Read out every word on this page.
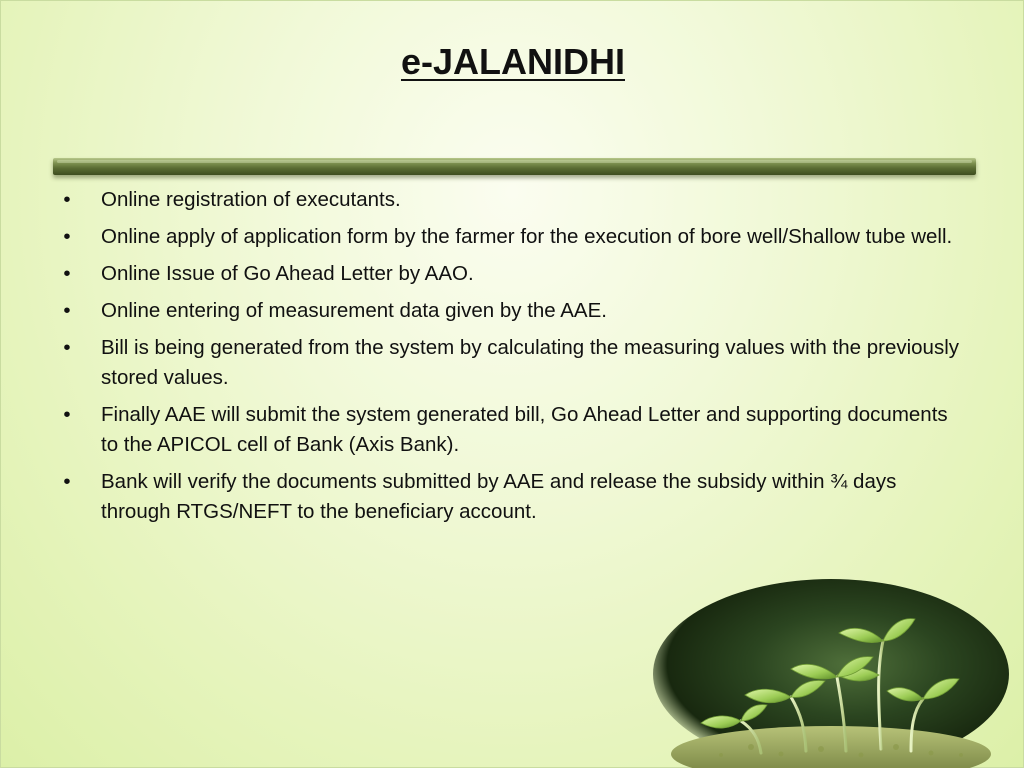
e-JALANIDHI
•	Online registration of executants.
•	Online apply of application form by the farmer for the execution of bore well/Shallow tube well.
•	Online Issue of Go Ahead Letter by AAO.
•	Online entering of measurement data given by the AAE.
•	Bill is being generated from the system by calculating the measuring values with the previously stored values.
•	Finally AAE will submit the system generated bill, Go Ahead Letter and supporting documents to the APICOL cell of Bank (Axis Bank).
•	Bank will verify the documents submitted by AAE and release the subsidy within ¾ days through RTGS/NEFT to the beneficiary account.
